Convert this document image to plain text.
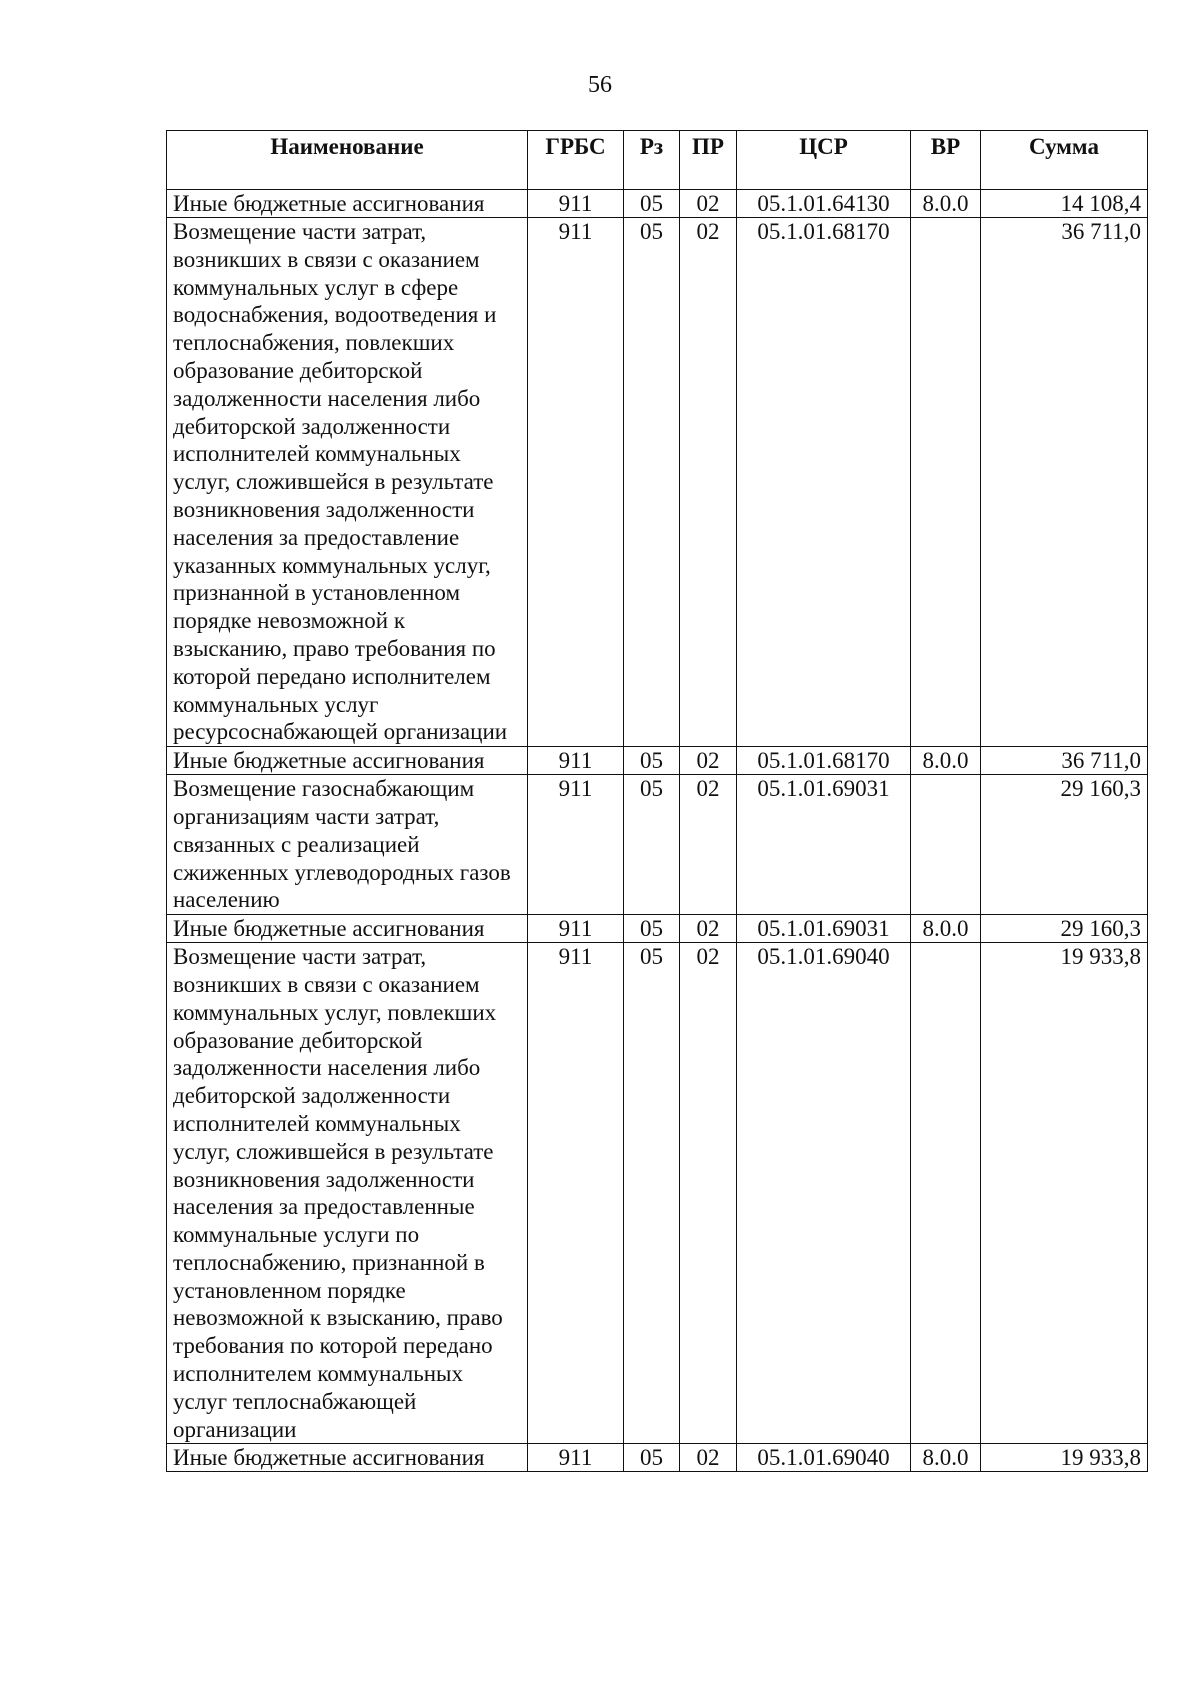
56
Наименование	ГРБС	Рз	ПР	ЦСР	ВР	Сумма
Иные бюджетные ассигнования	911	05	02	05.1.01.64130	8.0.0	14 108,4
Возмещение части затрат, возникших в связи с оказанием коммунальных услуг в сфере водоснабжения, водоотведения и теплоснабжения, повлекших образование дебиторской задолженности населения либо дебиторской задолженности исполнителей коммунальных услуг, сложившейся в результате возникновения задолженности населения за предоставление указанных коммунальных услуг, признанной в установленном порядке невозможной к взысканию, право требования по которой передано исполнителем коммунальных услуг ресурсоснабжающей организации	911	05	02	05.1.01.68170		36 711,0
Иные бюджетные ассигнования	911	05	02	05.1.01.68170	8.0.0	36 711,0
Возмещение газоснабжающим организациям части затрат, связанных с реализацией сжиженных углеводородных газов населению	911	05	02	05.1.01.69031		29 160,3
Иные бюджетные ассигнования	911	05	02	05.1.01.69031	8.0.0	29 160,3
Возмещение части затрат, возникших в связи с оказанием коммунальных услуг, повлекших образование дебиторской задолженности населения либо дебиторской задолженности исполнителей коммунальных услуг, сложившейся в результате возникновения задолженности населения за предоставленные коммунальные услуги по теплоснабжению, признанной в установленном порядке невозможной к взысканию, право требования по которой передано исполнителем коммунальных услуг теплоснабжающей организации	911	05	02	05.1.01.69040		19 933,8
Иные бюджетные ассигнования	911	05	02	05.1.01.69040	8.0.0	19 933,8
